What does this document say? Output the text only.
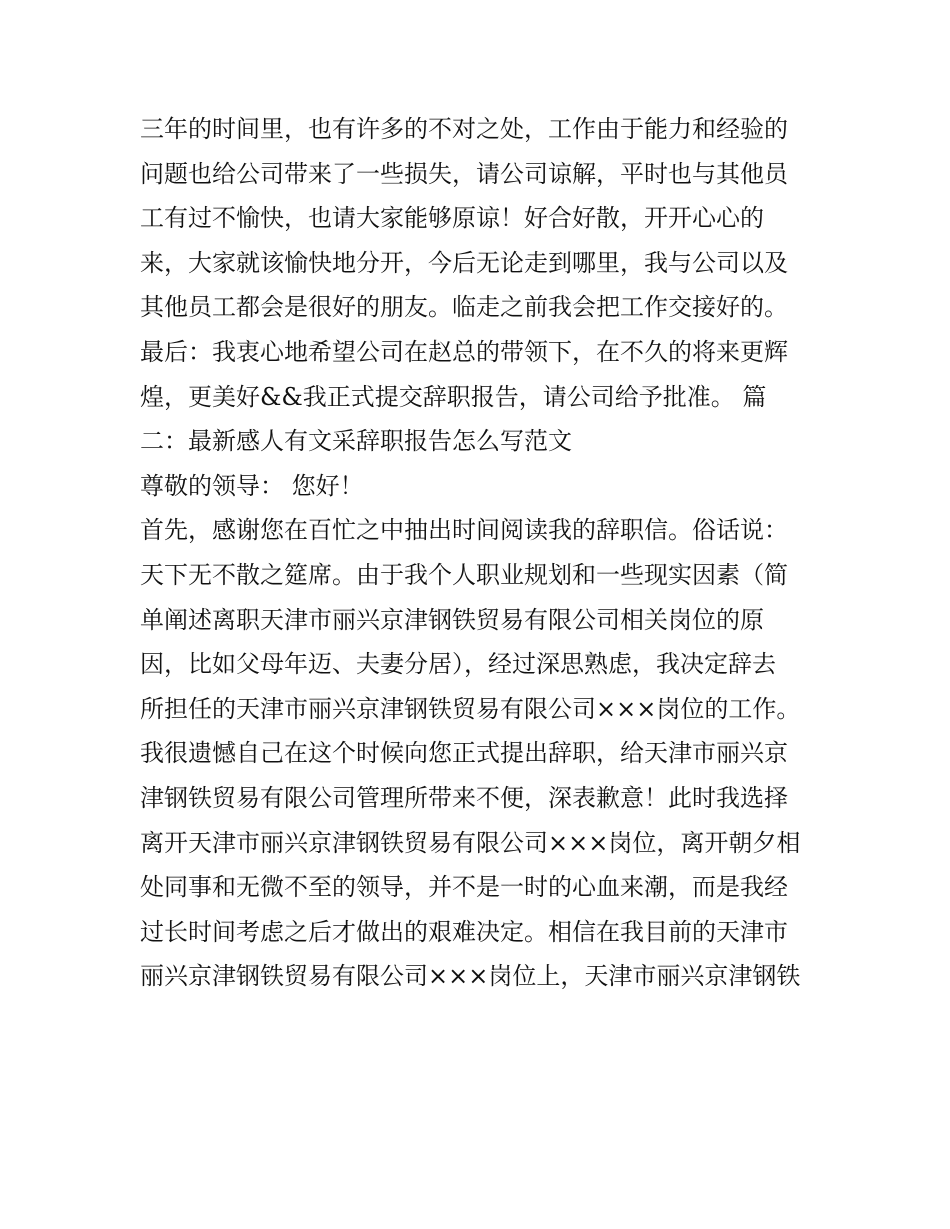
三年的时间里，也有许多的不对之处，工作由于能力和经验的

问题也给公司带来了一些损失，请公司谅解，平时也与其他员

工有过不愉快，也请大家能够原谅！好合好散，开开心心的

来，大家就该愉快地分开，今后无论走到哪里，我与公司以及

其他员工都会是很好的朋友。临走之前我会把工作交接好的。

最后：我衷心地希望公司在赵总的带领下，在不久的将来更辉

煌，更美好&&我正式提交辞职报告，请公司给予批准。 篇

二：最新感人有文采辞职报告怎么写范文

尊敬的领导： 您好！

首先，感谢您在百忙之中抽出时间阅读我的辞职信。俗话说：

天下无不散之筵席。由于我个人职业规划和一些现实因素（简

单阐述离职天津市丽兴京津钢铁贸易有限公司相关岗位的原

因，比如父母年迈、夫妻分居），经过深思熟虑，我决定辞去

所担任的天津市丽兴京津钢铁贸易有限公司×××岗位的工作。

我很遗憾自己在这个时候向您正式提出辞职，给天津市丽兴京

津钢铁贸易有限公司管理所带来不便，深表歉意！此时我选择

离开天津市丽兴京津钢铁贸易有限公司×××岗位，离开朝夕相

处同事和无微不至的领导，并不是一时的心血来潮，而是我经

过长时间考虑之后才做出的艰难决定。相信在我目前的天津市

丽兴京津钢铁贸易有限公司×××岗位上，天津市丽兴京津钢铁
